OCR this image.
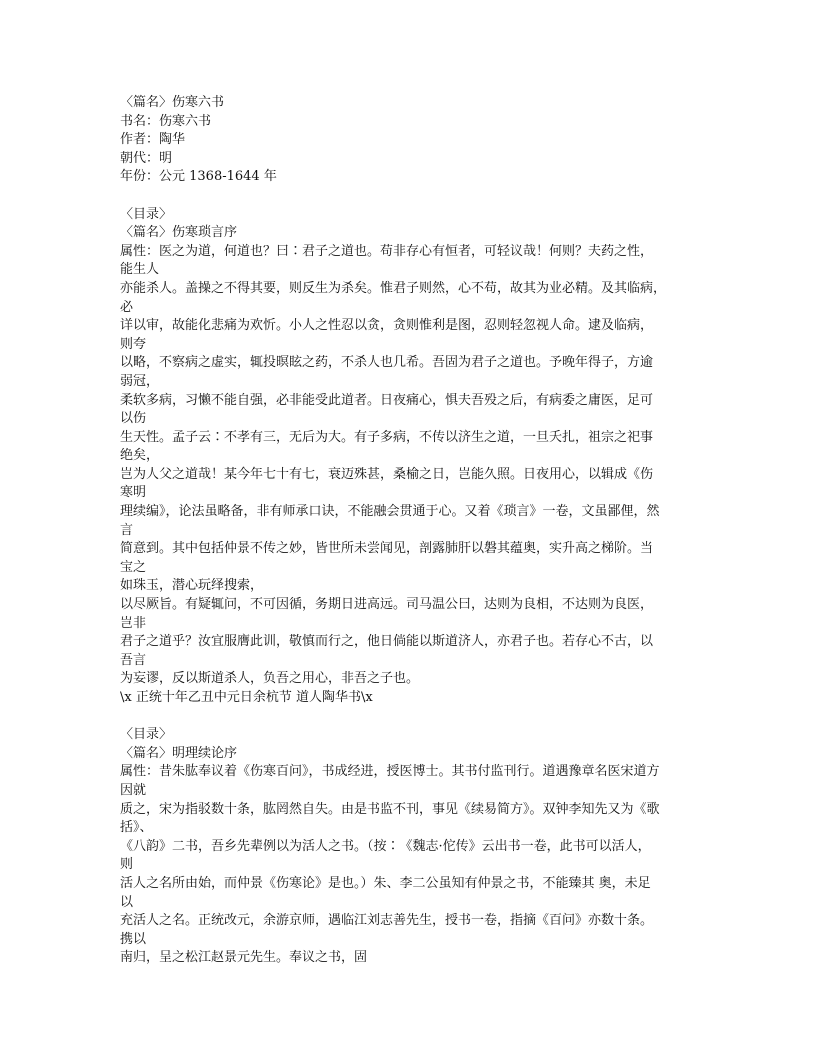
〈篇名〉伤寒六书
书名：伤寒六书
作者：陶华
朝代：明
年份：公元 1368-1644 年
〈目录〉
〈篇名〉伤寒琐言序
属性：医之为道，何道也？曰∶君子之道也。苟非存心有恒者，可轻议哉！何则？夫药之性，
能生人
亦能杀人。盖操之不得其要，则反生为杀矣。惟君子则然，心不苟，故其为业必精。及其临病，
必
详以审，故能化悲痛为欢忻。小人之性忍以贪，贪则惟利是图，忍则轻忽视人命。逮及临病，
则夸
以略，不察病之虚实，辄投暝眩之药，不杀人也几希。吾固为君子之道也。予晚年得子，方逾
弱冠，
柔软多病，习懒不能自强，必非能受此道者。日夜痛心，惧夫吾殁之后，有病委之庸医，足可
以伤
生天性。孟子云∶不孝有三，无后为大。有子多病，不传以济生之道，一旦夭扎，祖宗之祀事
绝矣，
岂为人父之道哉！某今年七十有七，衰迈殊甚，桑榆之日，岂能久照。日夜用心，以辑成《伤
寒明
理续编》，论法虽略备，非有师承口诀，不能融会贯通于心。又着《琐言》一卷，文虽鄙俚，然
言
简意到。其中包括仲景不传之妙，皆世所未尝闻见，剖露肺肝以磐其蕴奥，实升高之梯阶。当
宝之
如珠玉，潜心玩绎搜索，
以尽厥旨。有疑辄问，不可因循，务期日进高远。司马温公曰，达则为良相，不达则为良医，
岂非
君子之道乎？汝宜服膺此训，敬慎而行之，他日倘能以斯道济人，亦君子也。若存心不古，以
吾言
为妄谬，反以斯道杀人，负吾之用心，非吾之子也。
\x 正统十年乙丑中元日余杭节 道人陶华书\x
〈目录〉
〈篇名〉明理续论序
属性：昔朱肱奉议着《伤寒百问》，书成经进，授医博士。其书付监刊行。道遇豫章名医宋道方
因就
质之，宋为指驳数十条，肱罔然自失。由是书监不刊，事见《续易简方》。双钟李知先又为《歌
括》、
《八韵》二书，吾乡先辈例以为活人之书。（按∶《魏志·佗传》云出书一卷，此书可以活人，
则
活人之名所由始，而仲景《伤寒论》是也。）朱、李二公虽知有仲景之书，不能臻其 奥，未足
以
充活人之名。正统改元，余游京师，遇临江刘志善先生，授书一卷，指摘《百问》亦数十条。
携以
南归，呈之松江赵景元先生。奉议之书，固
